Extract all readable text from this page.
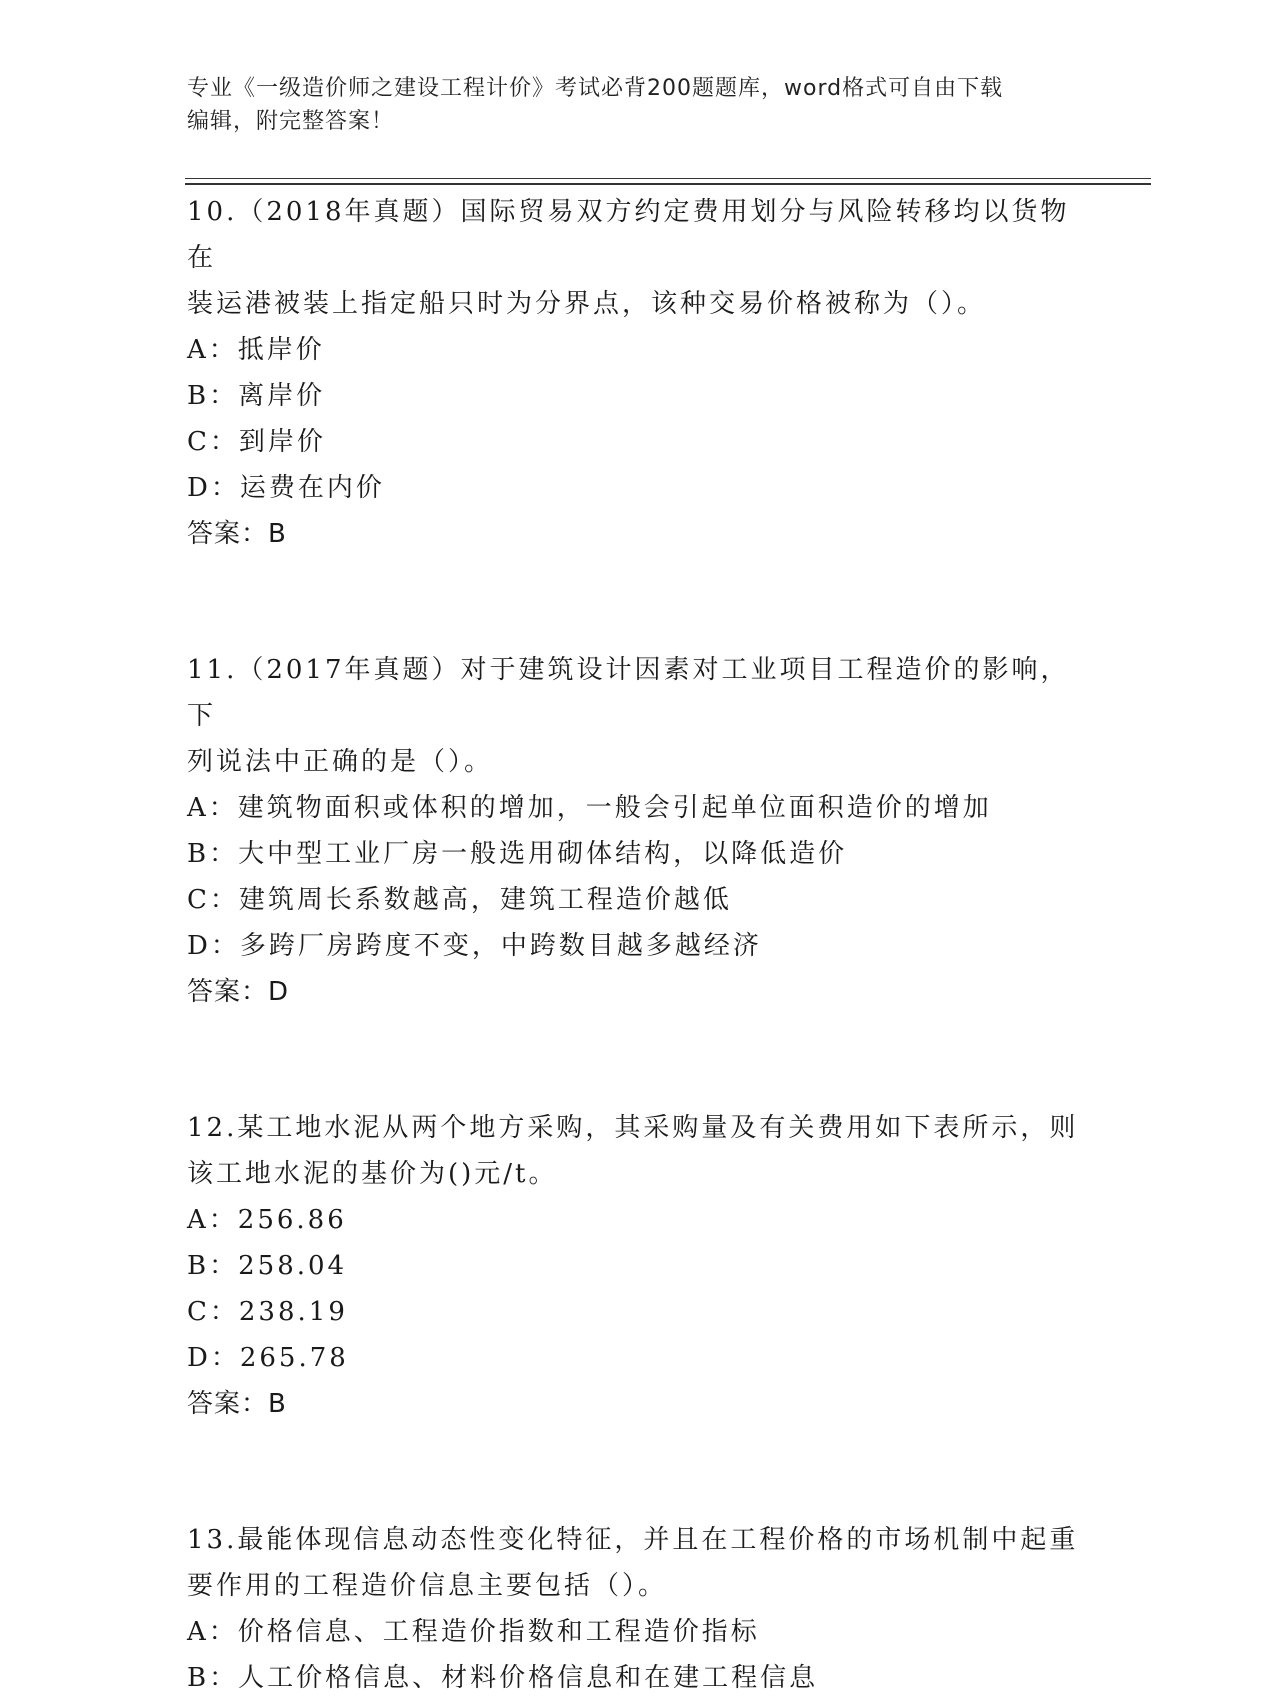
专业《一级造价师之建设工程计价》考试必背200题题库，word格式可自由下载
编辑，附完整答案！

10.（2018年真题）国际贸易双方约定费用划分与风险转移均以货物在

装运港被装上指定船只时为分界点，该种交易价格被称为（）。

A：抵岸价

B：离岸价

C：到岸价

D：运费在内价

答案：B

11.（2017年真题）对于建筑设计因素对工业项目工程造价的影响，下

列说法中正确的是（）。

A：建筑物面积或体积的增加，一般会引起单位面积造价的增加

B：大中型工业厂房一般选用砌体结构，以降低造价

C：建筑周长系数越高，建筑工程造价越低

D：多跨厂房跨度不变，中跨数目越多越经济

答案：D

12.某工地水泥从两个地方采购，其采购量及有关费用如下表所示，则

该工地水泥的基价为()元/t。

A：256.86

B：258.04

C：238.19

D：265.78

答案：B

13.最能体现信息动态性变化特征，并且在工程价格的市场机制中起重

要作用的工程造价信息主要包括（）。

A：价格信息、工程造价指数和工程造价指标

B：人工价格信息、材料价格信息和在建工程信息
